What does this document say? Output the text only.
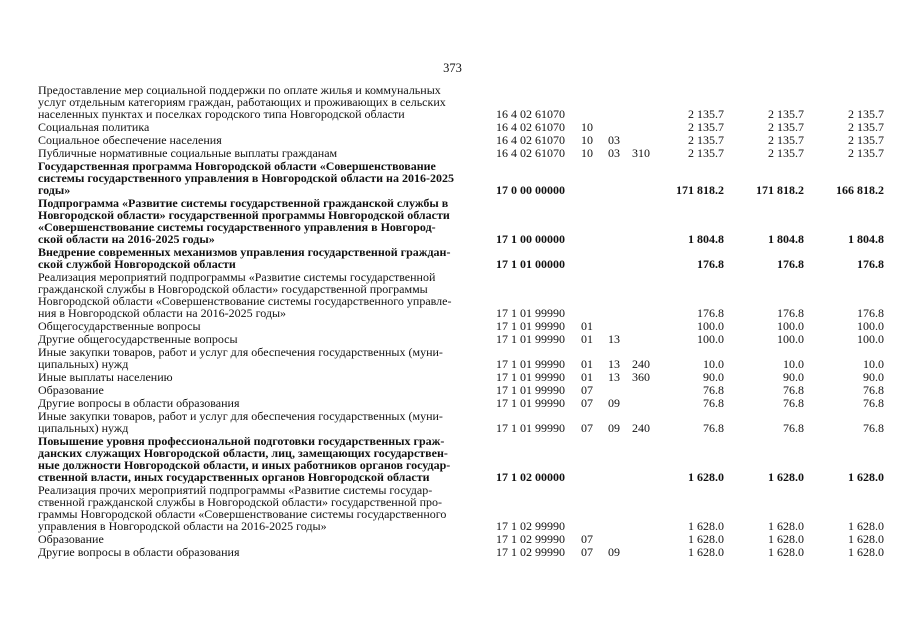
373
Предоставление мер социальной поддержки по оплате жилья и коммунальных
услуг отдельным категориям граждан, работающих и проживающих в сельских
населенных пунктах и поселках городского типа Новгородской области	16 4 02 61070	2 135.7	2 135.7	2 135.7
Социальная политика	16 4 02 61070 10	2 135.7	2 135.7	2 135.7
Социальное обеспечение населения	16 4 02 61070 10 03	2 135.7	2 135.7	2 135.7
Публичные нормативные социальные выплаты гражданам	16 4 02 61070 10 03 310	2 135.7	2 135.7	2 135.7
Государственная программа Новгородской области «Совершенствование
системы государственного управления в Новгородской области на 2016-2025
годы»	17 0 00 00000	171 818.2	171 818.2	166 818.2
Подпрограмма «Развитие системы государственной гражданской службы в
Новгородской области» государственной программы Новгородской области
«Совершенствование системы государственного управления в Новгород-
ской области на 2016-2025 годы»	17 1 00 00000	1 804.8	1 804.8	1 804.8
Внедрение современных механизмов управления государственной граждан-
ской службой Новгородской области	17 1 01 00000	176.8	176.8	176.8
Реализация мероприятий подпрограммы «Развитие системы государственной
гражданской службы в Новгородской области» государственной программы
Новгородской области «Совершенствование системы государственного управле-
ния в Новгородской области на 2016-2025 годы»	17 1 01 99990	176.8	176.8	176.8
Общегосударственные вопросы	17 1 01 99990 01	100.0	100.0	100.0
Другие общегосударственные вопросы	17 1 01 99990 01 13	100.0	100.0	100.0
Иные закупки товаров, работ и услуг для обеспечения государственных (муни-
ципальных) нужд	17 1 01 99990 01 13 240	10.0	10.0	10.0
Иные выплаты населению	17 1 01 99990 01 13 360	90.0	90.0	90.0
Образование	17 1 01 99990 07	76.8	76.8	76.8
Другие вопросы в области образования	17 1 01 99990 07 09	76.8	76.8	76.8
Иные закупки товаров, работ и услуг для обеспечения государственных (муни-
ципальных) нужд	17 1 01 99990 07 09 240	76.8	76.8	76.8
Повышение уровня профессиональной подготовки государственных граж-
данских служащих Новгородской области, лиц, замещающих государствен-
ные должности Новгородской области, и иных работников органов государ-
ственной власти, иных государственных органов Новгородской области	17 1 02 00000	1 628.0	1 628.0	1 628.0
Реализация прочих мероприятий подпрограммы «Развитие системы государ-
ственной гражданской службы в Новгородской области» государственной про-
граммы Новгородской области «Совершенствование системы государственного
управления в Новгородской области на 2016-2025 годы»	17 1 02 99990	1 628.0	1 628.0	1 628.0
Образование	17 1 02 99990 07	1 628.0	1 628.0	1 628.0
Другие вопросы в области образования	17 1 02 99990 07 09	1 628.0	1 628.0	1 628.0
